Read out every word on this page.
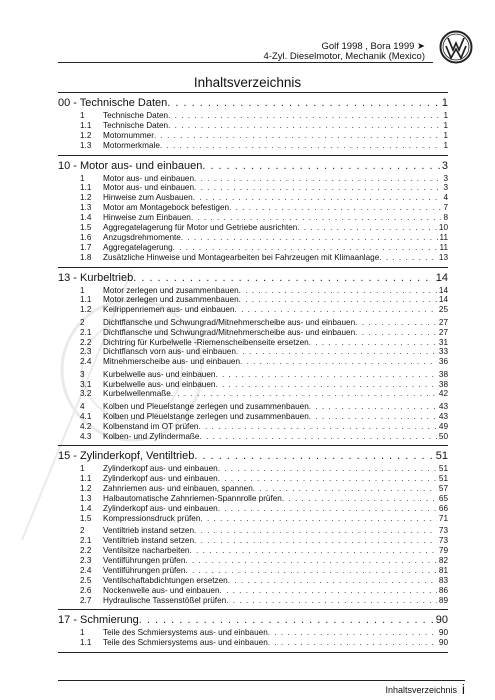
Golf 1998 , Bora 1999 ➤
4-Zyl. Dieselmotor, Mechanik (Mexico)
Inhaltsverzeichnis
00 - Technische Daten . . .	1
1	Technische Daten . . .	1
1.1	Technische Daten . . .	1
1.2	Motornummer . . .	1
1.3	Motormerkmale . . .	1
10 - Motor aus- und einbauen . . .	3
1	Motor aus- und einbauen . . .	3
1.1	Motor aus- und einbauen . . .	3
1.2	Hinweise zum Ausbauen . . .	4
1.3	Motor am Montagebock befestigen . . .	7
1.4	Hinweise zum Einbauen . . .	8
1.5	Aggregatelagerung für Motor und Getriebe ausrichten . . .	10
1.6	Anzugsdrehmomente . . .	11
1.7	Aggregatelagerung . . .	11
1.8	Zusätzliche Hinweise und Montagearbeiten bei Fahrzeugen mit Klimaanlage . . .	13
13 - Kurbeltrieb . . .	14
1	Motor zerlegen und zusammenbauen . . .	14
1.1	Motor zerlegen und zusammenbauen . . .	14
1.2	Keilrippenriemen aus- und einbauen . . .	25
2	Dichtflansche und Schwungrad/Mitnehmerscheibe aus- und einbauen . . .	27
2.1	Dichtflansche und Schwungrad/Mitnehmerscheibe aus- und einbauen . . .	27
2.2	Dichtring für Kurbelwelle -Riemenscheibenseite ersetzen . . .	31
2.3	Dichtflansch vorn aus- und einbauen . . .	33
2.4	Mitnehmerscheibe aus- und einbauen . . .	36
3	Kurbelwelle aus- und einbauen . . .	38
3.1	Kurbelwelle aus- und einbauen . . .	38
3.2	Kurbelwellenmaße . . .	42
4	Kolben und Pleuelstange zerlegen und zusammenbauen . . .	43
4.1	Kolben und Pleuelstange zerlegen und zusammenbauen . . .	43
4.2	Kolbenstand im OT prüfen . . .	49
4.3	Kolben- und Zylindermaße . . .	50
15 - Zylinderkopf, Ventiltrieb . . .	51
1	Zylinderkopf aus- und einbauen . . .	51
1.1	Zylinderkopf aus- und einbauen . . .	51
1.2	Zahnriemen aus- und einbauen, spannen . . .	57
1.3	Halbautomatische Zahnriemen-Spannrolle prüfen . . .	65
1.4	Zylinderkopf aus- und einbauen . . .	66
1.5	Kompressionsdruck prüfen . . .	71
2	Ventiltrieb instand setzen . . .	73
2.1	Ventiltrieb instand setzen . . .	73
2.2	Ventilsitze nacharbeiten . . .	79
2.3	Ventilführungen prüfen . . .	82
2.4	Ventilführungen prüfen . . .	81
2.5	Ventilschaftabdichtungen ersetzen . . .	83
2.6	Nockenwelle aus- und einbauen . . .	86
2.7	Hydraulische Tassenstößel prüfen . . .	89
17 - Schmierung . . .	90
1	Teile des Schmiersystems aus- und einbauen . . .	90
1.1	Teile des Schmiersystems aus- und einbauen . . .	90
Inhaltsverzeichnis i
